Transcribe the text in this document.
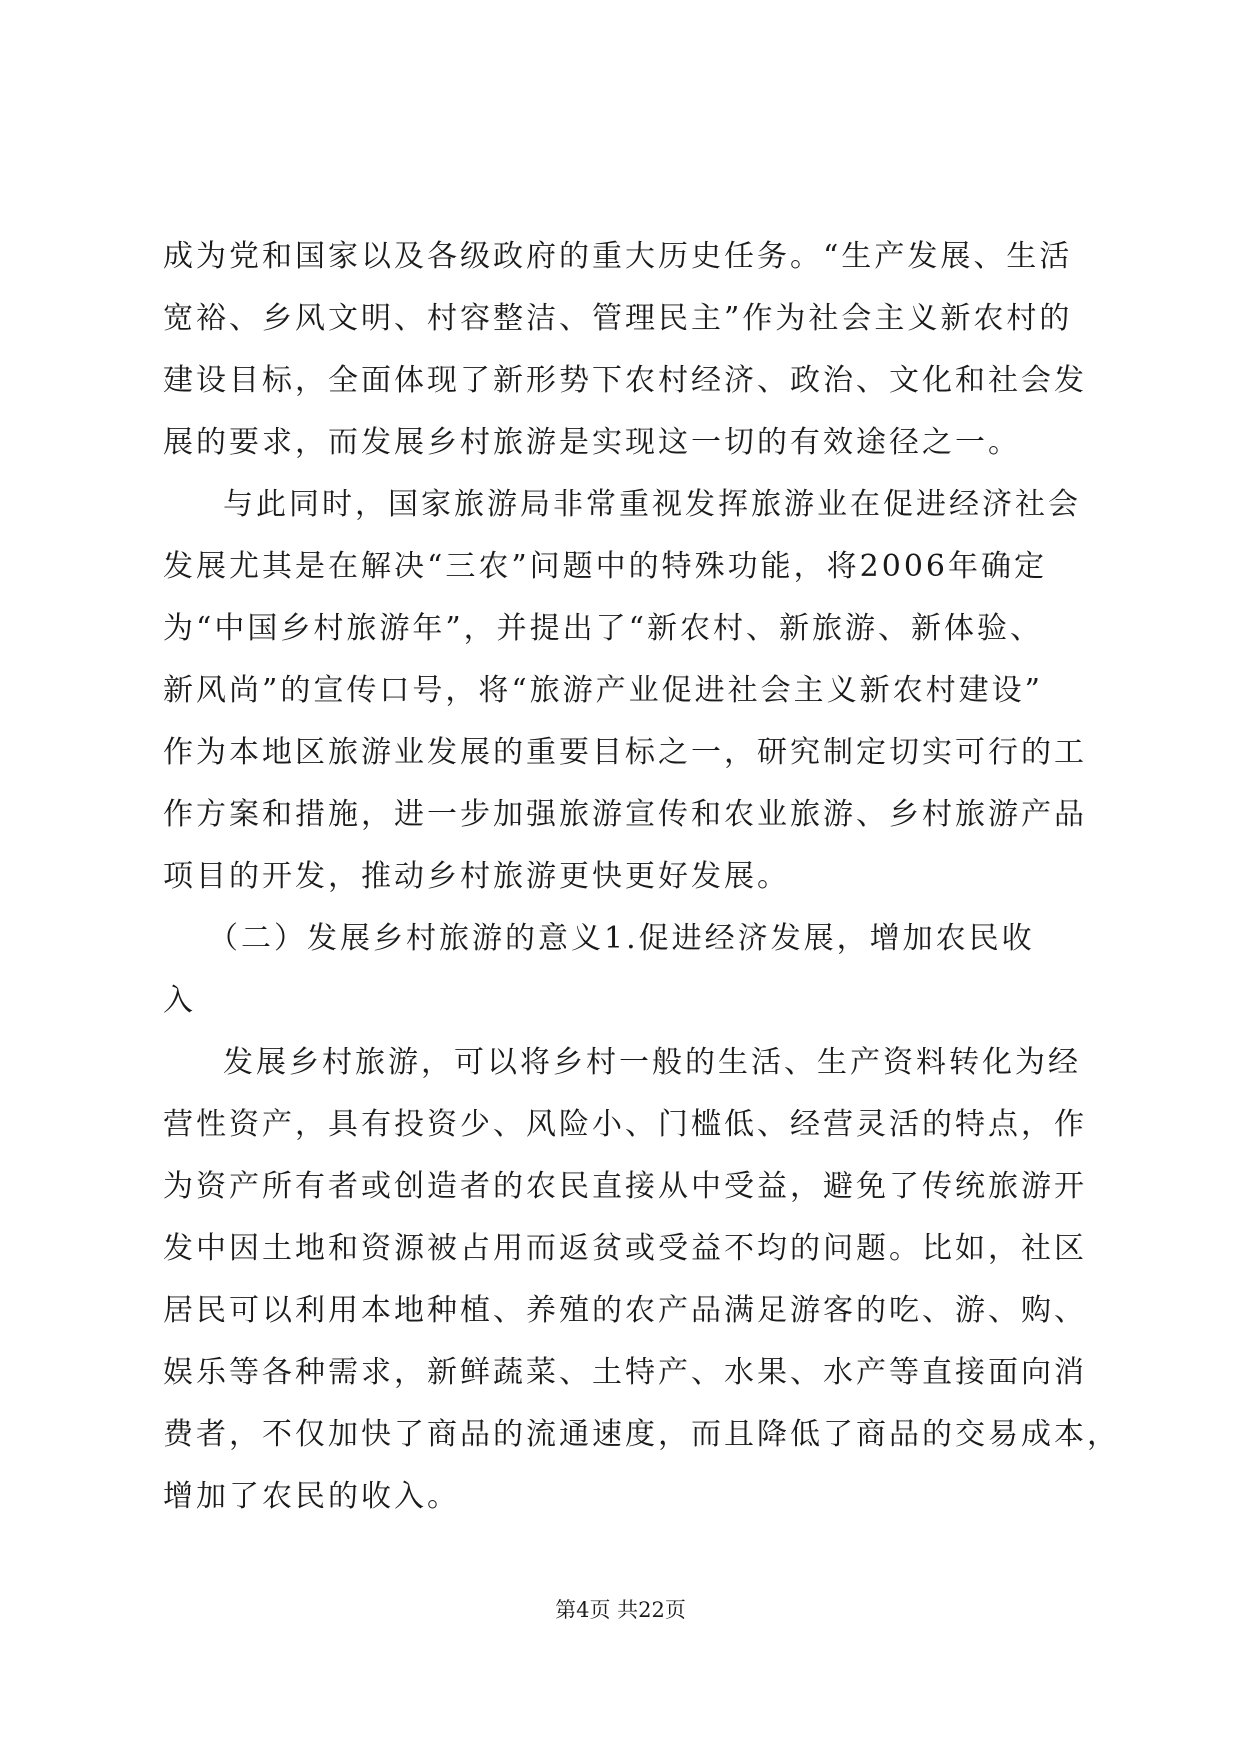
成为党和国家以及各级政府的重大历史任务。“生产发展、生活
宽裕、乡风文明、村容整洁、管理民主”作为社会主义新农村的
建设目标，全面体现了新形势下农村经济、政治、文化和社会发
展的要求，而发展乡村旅游是实现这一切的有效途径之一。
与此同时，国家旅游局非常重视发挥旅游业在促进经济社会
发展尤其是在解决“三农”问题中的特殊功能，将2006年确定
为“中国乡村旅游年”，并提出了“新农村、新旅游、新体验、
新风尚”的宣传口号，将“旅游产业促进社会主义新农村建设”
作为本地区旅游业发展的重要目标之一，研究制定切实可行的工
作方案和措施，进一步加强旅游宣传和农业旅游、乡村旅游产品
项目的开发，推动乡村旅游更快更好发展。
（二）发展乡村旅游的意义1.促进经济发展，增加农民收
入
发展乡村旅游，可以将乡村一般的生活、生产资料转化为经
营性资产，具有投资少、风险小、门槛低、经营灵活的特点，作
为资产所有者或创造者的农民直接从中受益，避免了传统旅游开
发中因土地和资源被占用而返贫或受益不均的问题。比如，社区
居民可以利用本地种植、养殖的农产品满足游客的吃、游、购、
娱乐等各种需求，新鲜蔬菜、土特产、水果、水产等直接面向消
费者，不仅加快了商品的流通速度，而且降低了商品的交易成本，
增加了农民的收入。
第4页 共22页
